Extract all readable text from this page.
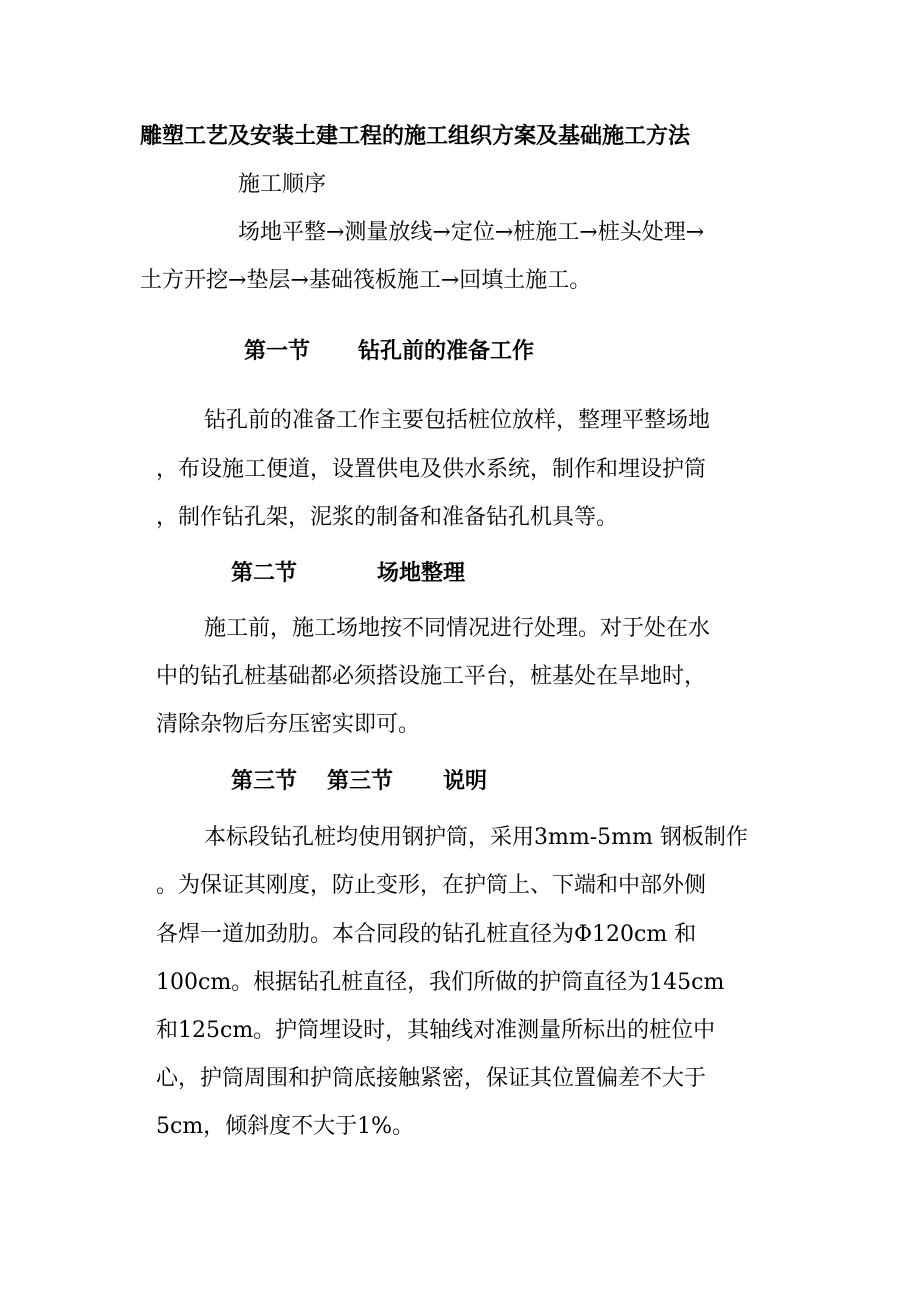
雕塑工艺及安装土建工程的施工组织方案及基础施工方法
施工顺序
场地平整→测量放线→定位→桩施工→桩头处理→
土方开挖→垫层→基础筏板施工→回填土施工。
第一节 钻孔前的准备工作
钻孔前的准备工作主要包括桩位放样，整理平整场地
，布设施工便道，设置供电及供水系统，制作和埋设护筒
，制作钻孔架，泥浆的制备和准备钻孔机具等。
第二节	场地整理
施工前，施工场地按不同情况进行处理。对于处在水
中的钻孔桩基础都必须搭设施工平台，桩基处在旱地时，
清除杂物后夯压密实即可。
第三节 第三节 说明
本标段钻孔桩均使用钢护筒，采用3mm-5mm 钢板制作
。为保证其刚度，防止变形，在护筒上、下端和中部外侧
各焊一道加劲肋。本合同段的钻孔桩直径为Φ120cm 和
100cm。根据钻孔桩直径，我们所做的护筒直径为145cm
和125cm。护筒埋设时，其轴线对准测量所标出的桩位中
心，护筒周围和护筒底接触紧密，保证其位置偏差不大于
5cm，倾斜度不大于1%。
